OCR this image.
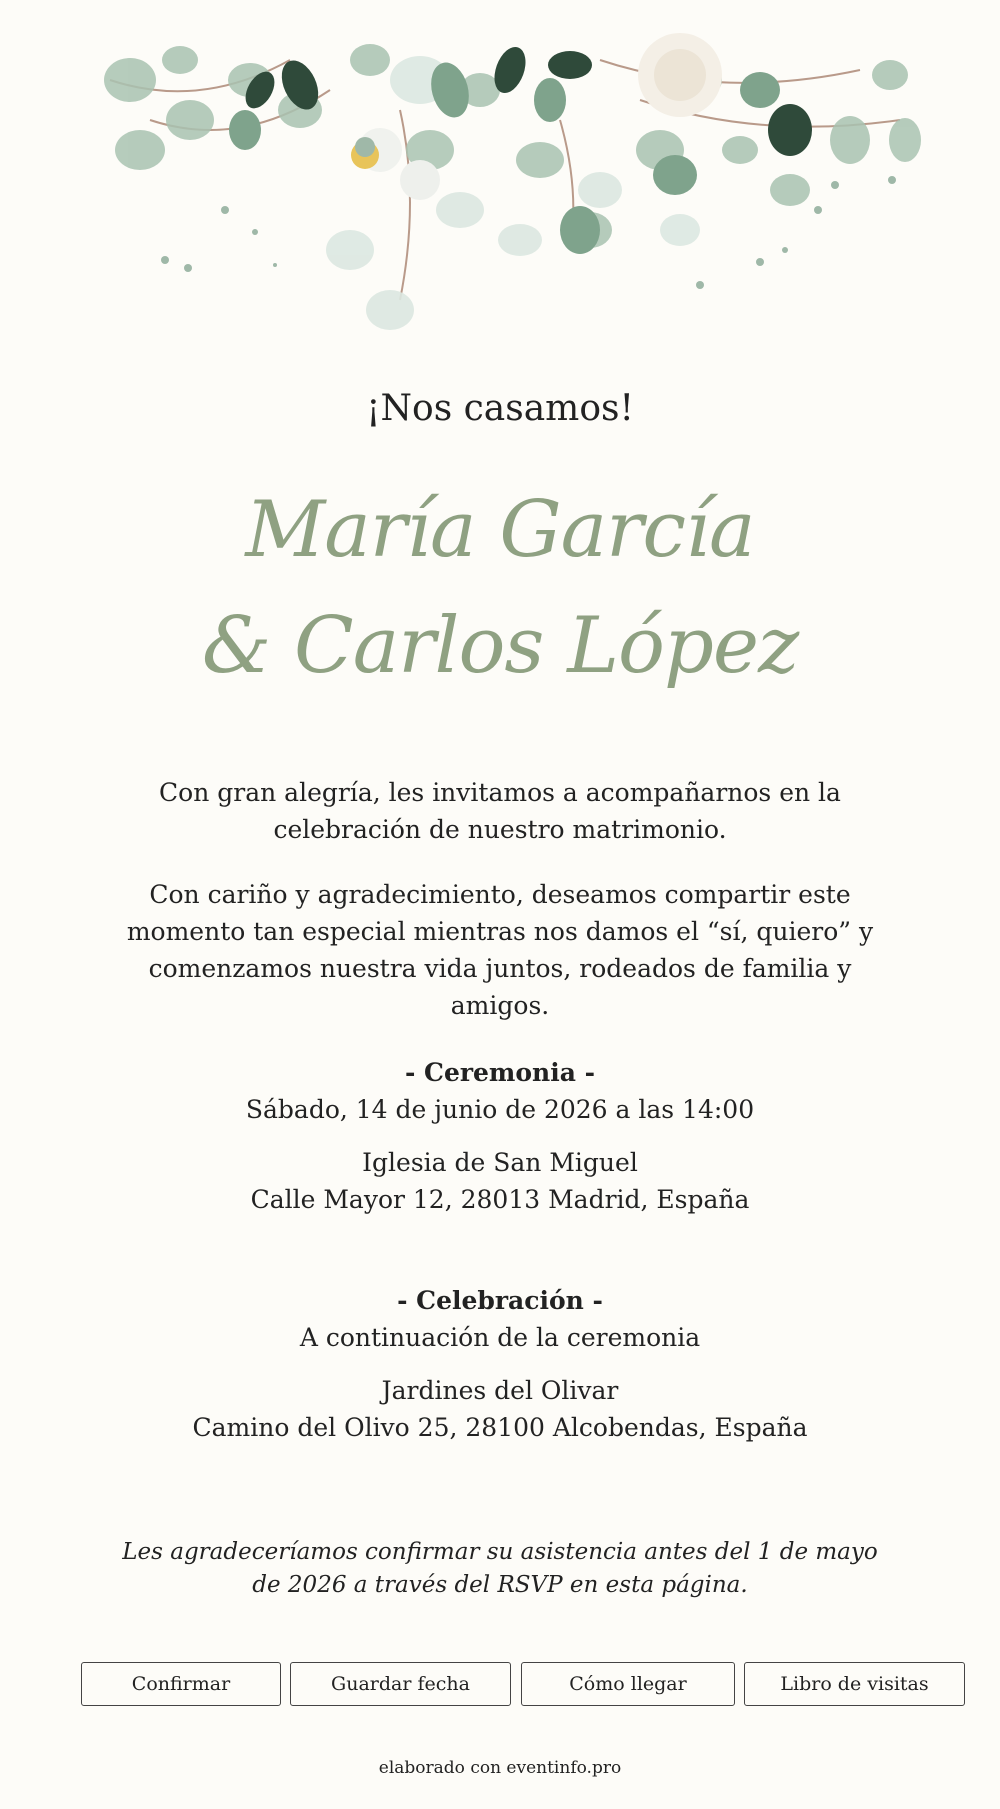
¡Nos casamos!
María García
& Carlos López
Con gran alegría, les invitamos a acompañarnos en la celebración de nuestro matrimonio.
Con cariño y agradecimiento, deseamos compartir este momento tan especial mientras nos damos el “sí, quiero” y comenzamos nuestra vida juntos, rodeados de familia y amigos.
- Ceremonia -
Sábado, 14 de junio de 2026 a las 14:00
Iglesia de San Miguel
Calle Mayor 12, 28013 Madrid, España
- Celebración -
A continuación de la ceremonia
Jardines del Olivar
Camino del Olivo 25, 28100 Alcobendas, España
Les agradeceríamos confirmar su asistencia antes del 1 de mayo de 2026 a través del RSVP en esta página.
Confirmar	Guardar fecha	Cómo llegar	Libro de visitas
elaborado con eventinfo.pro
